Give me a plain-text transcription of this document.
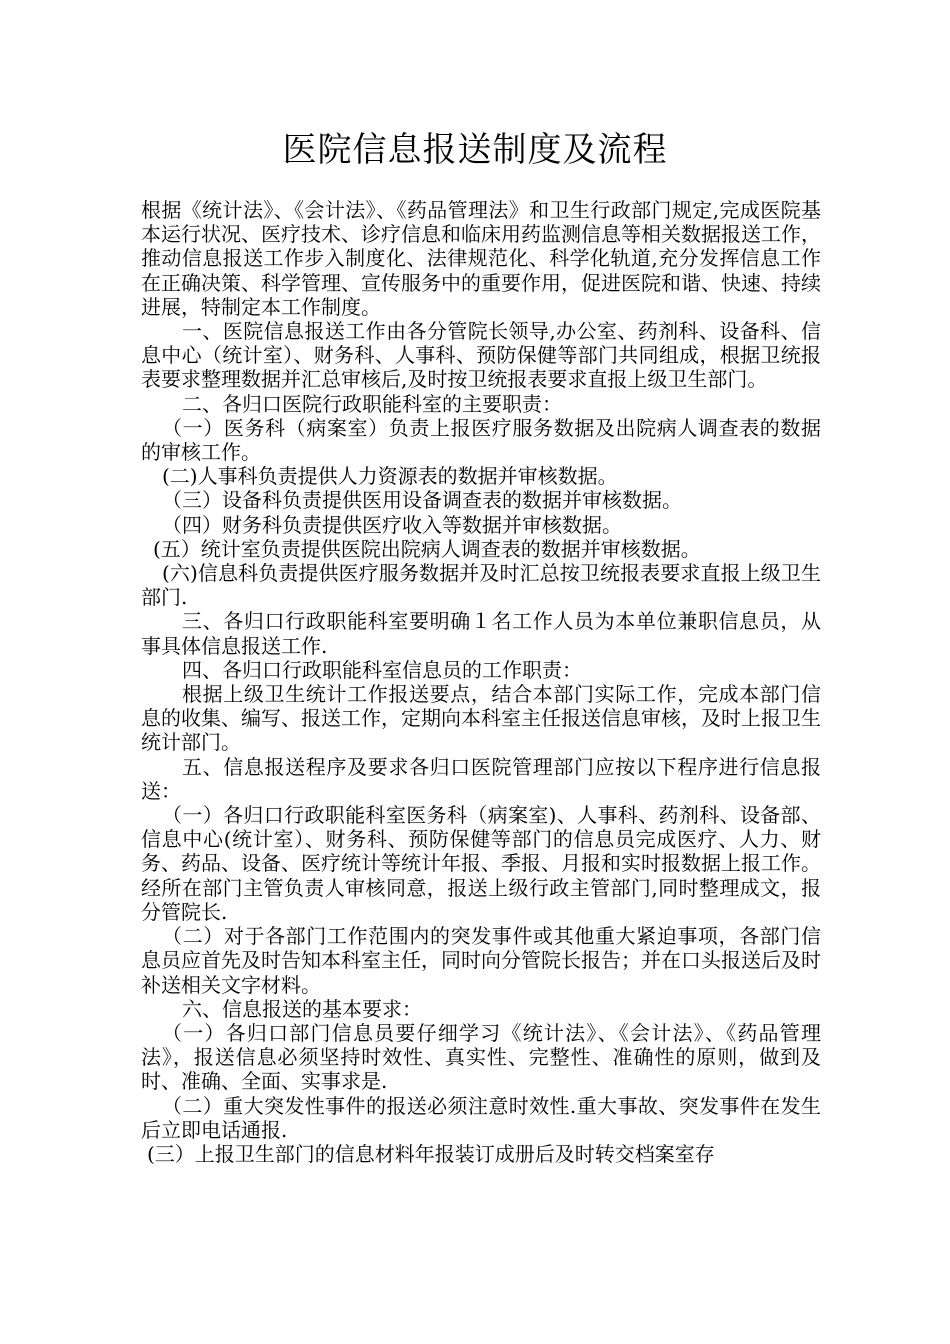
医院信息报送制度及流程

根据《统计法》、《会计法》、《药品管理法》和卫生行政部门规定,完成医院基本运行状况、医疗技术、诊疗信息和临床用药监测信息等相关数据报送工作，推动信息报送工作步入制度化、法律规范化、科学化轨道,充分发挥信息工作在正确决策、科学管理、宣传服务中的重要作用，促进医院和谐、快速、持续进展，特制定本工作制度。

一、医院信息报送工作由各分管院长领导,办公室、药剂科、设备科、信息中心（统计室）、财务科、人事科、预防保健等部门共同组成，根据卫统报表要求整理数据并汇总审核后,及时按卫统报表要求直报上级卫生部门。

二、各归口医院行政职能科室的主要职责：

（一）医务科（病案室）负责上报医疗服务数据及出院病人调查表的数据的审核工作。

(二)人事科负责提供人力资源表的数据并审核数据。

（三）设备科负责提供医用设备调查表的数据并审核数据。

（四）财务科负责提供医疗收入等数据并审核数据。

(五）统计室负责提供医院出院病人调查表的数据并审核数据。

(六)信息科负责提供医疗服务数据并及时汇总按卫统报表要求直报上级卫生部门.

三、各归口行政职能科室要明确１名工作人员为本单位兼职信息员，从事具体信息报送工作.

四、各归口行政职能科室信息员的工作职责：

根据上级卫生统计工作报送要点，结合本部门实际工作，完成本部门信息的收集、编写、报送工作，定期向本科室主任报送信息审核，及时上报卫生统计部门。

五、信息报送程序及要求各归口医院管理部门应按以下程序进行信息报送：

（一）各归口行政职能科室医务科（病案室)、人事科、药剂科、设备部、信息中心(统计室）、财务科、预防保健等部门的信息员完成医疗、人力、财务、药品、设备、医疗统计等统计年报、季报、月报和实时报数据上报工作。经所在部门主管负责人审核同意，报送上级行政主管部门,同时整理成文，报分管院长.

（二）对于各部门工作范围内的突发事件或其他重大紧迫事项，各部门信息员应首先及时告知本科室主任，同时向分管院长报告；并在口头报送后及时补送相关文字材料。

六、信息报送的基本要求：

（一）各归口部门信息员要仔细学习《统计法》、《会计法》、《药品管理法》，报送信息必须坚持时效性、真实性、完整性、准确性的原则，做到及时、准确、全面、实事求是.

（二）重大突发性事件的报送必须注意时效性.重大事故、突发事件在发生后立即电话通报.

(三）上报卫生部门的信息材料年报装订成册后及时转交档案室存
